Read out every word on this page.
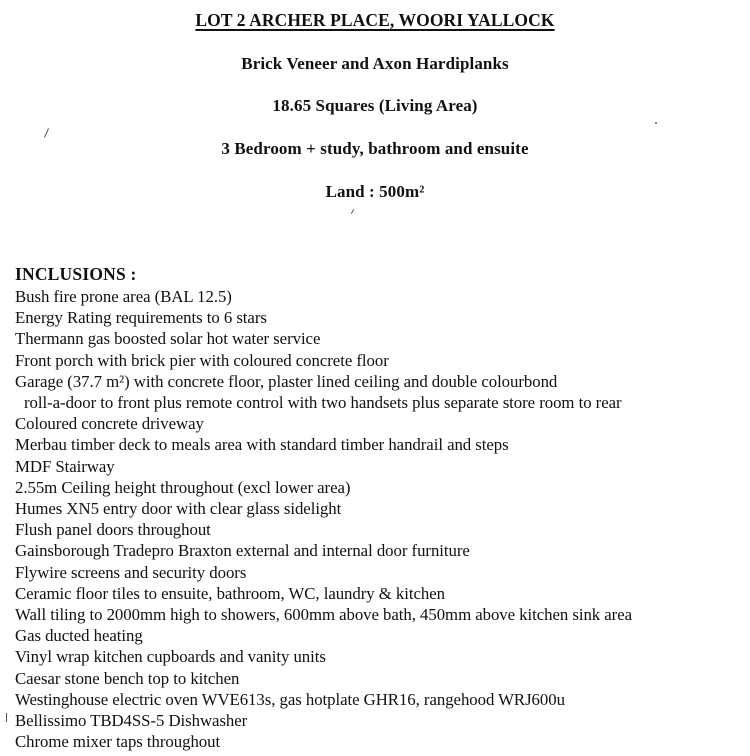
LOT 2 ARCHER PLACE, WOORI YALLOCK
Brick Veneer and Axon Hardiplanks
18.65 Squares (Living Area)
3 Bedroom + study, bathroom and ensuite
Land : 500m²
INCLUSIONS :
Bush fire prone area (BAL 12.5)
Energy Rating requirements to 6 stars
Thermann gas boosted solar hot water service
Front porch with brick pier with coloured concrete floor
Garage (37.7 m²) with concrete floor, plaster lined ceiling and double colourbond
roll-a-door to front plus remote control with two handsets plus separate store room to rear
Coloured concrete driveway
Merbau timber deck to meals area with standard timber handrail and steps
MDF Stairway
2.55m Ceiling height throughout (excl lower area)
Humes XN5 entry door with clear glass sidelight
Flush panel doors throughout
Gainsborough Tradepro Braxton external and internal door furniture
Flywire screens and security doors
Ceramic floor tiles to ensuite, bathroom, WC, laundry & kitchen
Wall tiling to 2000mm high to showers, 600mm above bath, 450mm above kitchen sink area
Gas ducted heating
Vinyl wrap kitchen cupboards and vanity units
Caesar stone bench top to kitchen
Westinghouse electric oven WVE613s, gas hotplate GHR16, rangehood WRJ600u
Bellissimo TBD4SS-5 Dishwasher
Chrome mixer taps throughout
